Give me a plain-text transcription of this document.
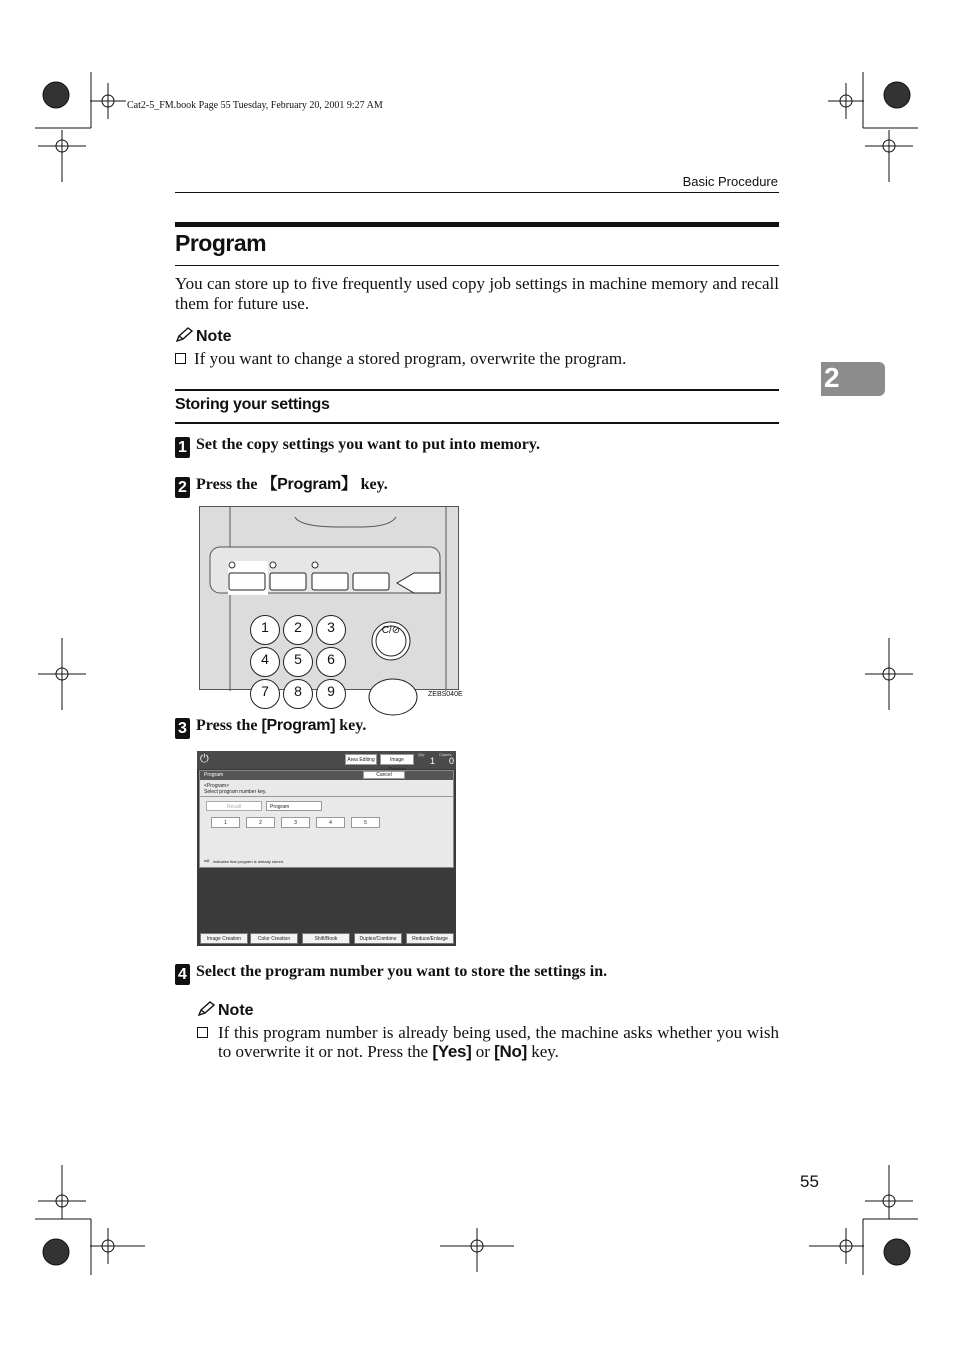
Cat2-5_FM.book Page 55 Tuesday, February 20, 2001 9:27 AM
Basic Procedure
Program
You can store up to five frequently used copy job settings in machine memory and recall them for future use.
Note
If you want to change a stored program, overwrite the program.
Storing your settings
2
1 Set the copy settings you want to put into memory.
2 Press the 【Program】 key.
1	2	3
4	5	6
7	8	9
C/⊘
ZEBS040E
3 Press the [Program] key.
⏻	Area Editing	Image
Qty.
1
Copies
0
Program	Cancel
<Program>
Select program number key.
Recall	Program
1	2	3	4	5
⇨ indicates that program is already stored.
Image Creation	Color Creation	Shift/Book	Duplex/Combine	Reduce/Enlarge
4 Select the program number you want to store the settings in.
Note
If this program number is already being used, the machine asks whether you wish to overwrite it or not. Press the [Yes] or [No] key.
55
